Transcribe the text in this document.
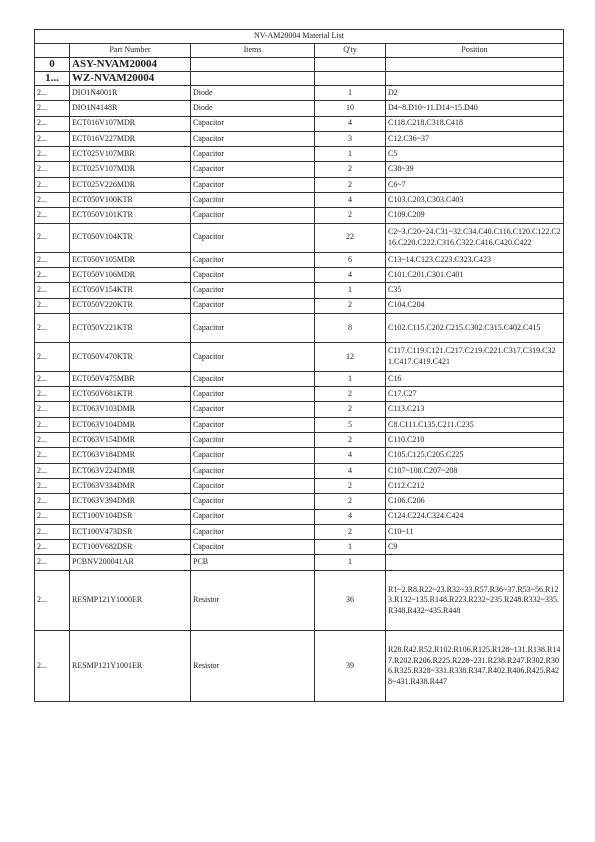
NV-AM20004 Material List				
	Part Number	Items	Q'ty	Position
0	ASY-NVAM20004			
1...	WZ-NVAM20004			
2...	DIO1N4001R	Diode	1	D2
2...	DIO1N4148R	Diode	10	D4~8.D10~11.D14~15.D40
2...	ECT016V107MDR	Capacitor	4	C118.C218.C318.C418
2...	ECT016V227MDR	Capacitor	3	C12.C36~37
2...	ECT025V107MBR	Capacitor	1	C5
2...	ECT025V107MDR	Capacitor	2	C38~39
2...	ECT025V226MDR	Capacitor	2	C6~7
2...	ECT050V100KTR	Capacitor	4	C103.C203.C303.C403
2...	ECT050V101KTR	Capacitor	2	C109.C209
2...	ECT050V104KTR	Capacitor	22	C2~3.C20~24.C31~32.C34.C40.C116.C120.C122.C216.C220.C222.C316.C322.C416.C420.C422
2...	ECT050V105MDR	Capacitor	6	C13~14.C123.C223.C323.C423
2...	ECT050V106MDR	Capacitor	4	C101.C201.C301.C401
2...	ECT050V154KTR	Capacitor	1	C35
2...	ECT050V220KTR	Capacitor	2	C104.C204
2...	ECT050V221KTR	Capacitor	8	C102.C115.C202.C215.C302.C315.C402.C415
2...	ECT050V470KTR	Capacitor	12	C117.C119.C121.C217.C219.C221.C317.C319.C321.C417.C419.C421
2...	ECT050V475MBR	Capacitor	1	C16
2...	ECT050V681KTR	Capacitor	2	C17.C27
2...	ECT063V103DMR	Capacitor	2	C113.C213
2...	ECT063V104DMR	Capacitor	5	C8.C111.C135.C211.C235
2...	ECT063V154DMR	Capacitor	2	C110.C210
2...	ECT063V184DMR	Capacitor	4	C105.C125.C205.C225
2...	ECT063V224DMR	Capacitor	4	C107~108.C207~208
2...	ECT063V334DMR	Capacitor	2	C112.C212
2...	ECT063V394DMR	Capacitor	2	C106.C206
2...	ECT100V104DSR	Capacitor	4	C124.C224.C324.C424
2...	ECT100V473DSR	Capacitor	2	C10~11
2...	ECT100V682DSR	Capacitor	1	C9
2...	PCBNV200041AR	PCB	1	
2...	RESMP121Y1000ER	Resistor	36	R1~2.R8.R22~23.R32~33.R57.R36~37.R53~56.R123.R132~135.R148.R223.R232~235.R248.R332~335.R348.R432~435.R448
2...	RESMP121Y1001ER	Resistor	39	R28.R42.R52.R102.R106.R125.R128~131.R138.R147.R202.R206.R225.R228~231.R238.R247.R302.R306.R325.R328~331.R338.R347.R402.R406.R425.R428~431.R438.R447
